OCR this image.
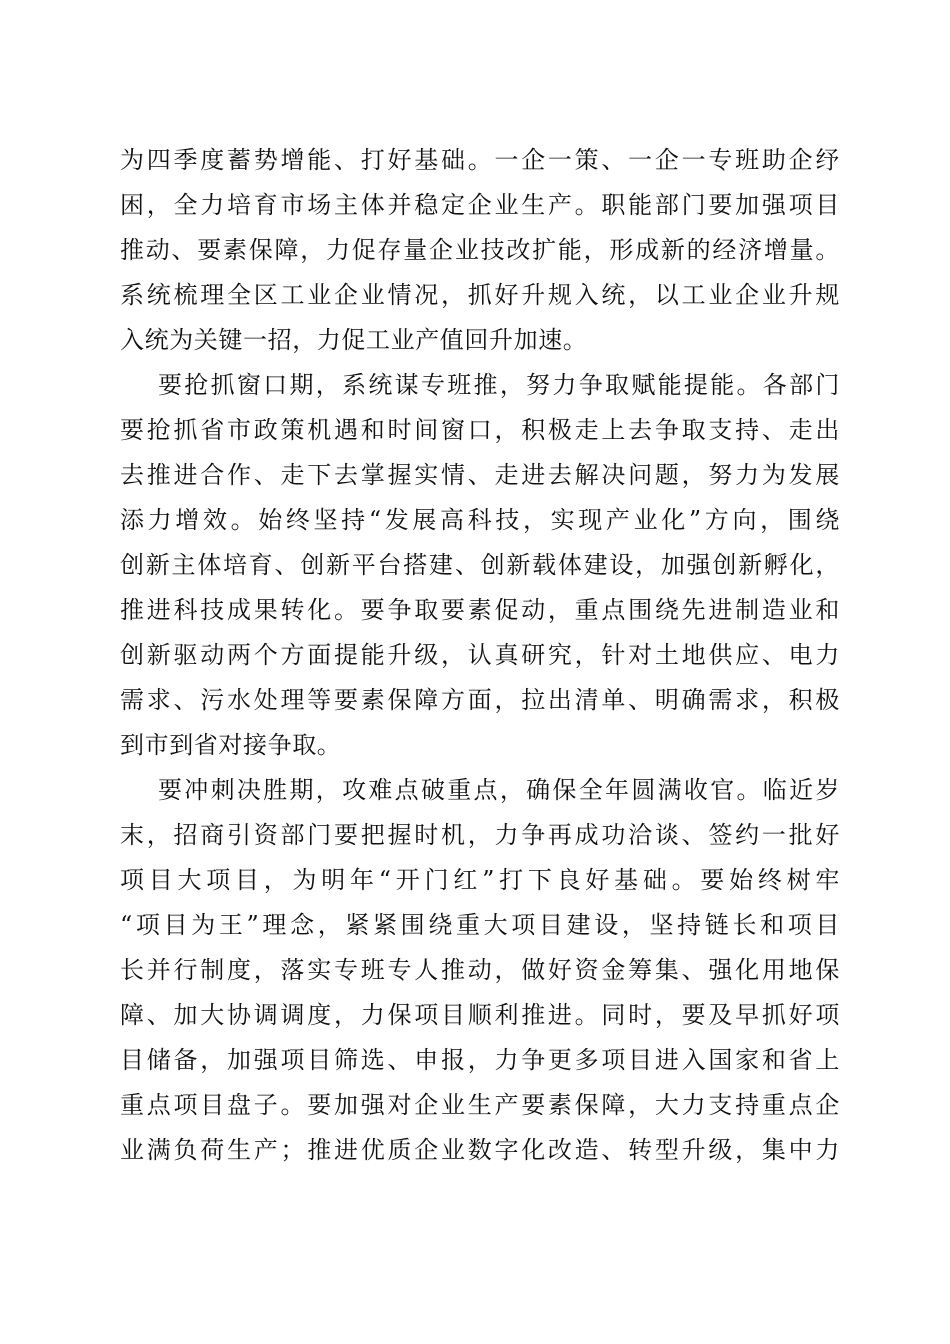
为四季度蓄势增能、打好基础。一企一策、一企一专班助企纾
困，全力培育市场主体并稳定企业生产。职能部门要加强项目
推动、要素保障，力促存量企业技改扩能，形成新的经济增量。
系统梳理全区工业企业情况，抓好升规入统，以工业企业升规
入统为关键一招，力促工业产值回升加速。
要抢抓窗口期，系统谋专班推，努力争取赋能提能。各部门
要抢抓省市政策机遇和时间窗口，积极走上去争取支持、走出
去推进合作、走下去掌握实情、走进去解决问题，努力为发展
添力增效。始终坚持“发展高科技，实现产业化”方向，围绕
创新主体培育、创新平台搭建、创新载体建设，加强创新孵化，
推进科技成果转化。要争取要素促动，重点围绕先进制造业和
创新驱动两个方面提能升级，认真研究，针对土地供应、电力
需求、污水处理等要素保障方面，拉出清单、明确需求，积极
到市到省对接争取。
要冲刺决胜期，攻难点破重点，确保全年圆满收官。临近岁
末，招商引资部门要把握时机，力争再成功洽谈、签约一批好
项目大项目，为明年“开门红”打下良好基础。要始终树牢
“项目为王”理念，紧紧围绕重大项目建设，坚持链长和项目
长并行制度，落实专班专人推动，做好资金筹集、强化用地保
障、加大协调调度，力保项目顺利推进。同时，要及早抓好项
目储备，加强项目筛选、申报，力争更多项目进入国家和省上
重点项目盘子。要加强对企业生产要素保障，大力支持重点企
业满负荷生产；推进优质企业数字化改造、转型升级，集中力
